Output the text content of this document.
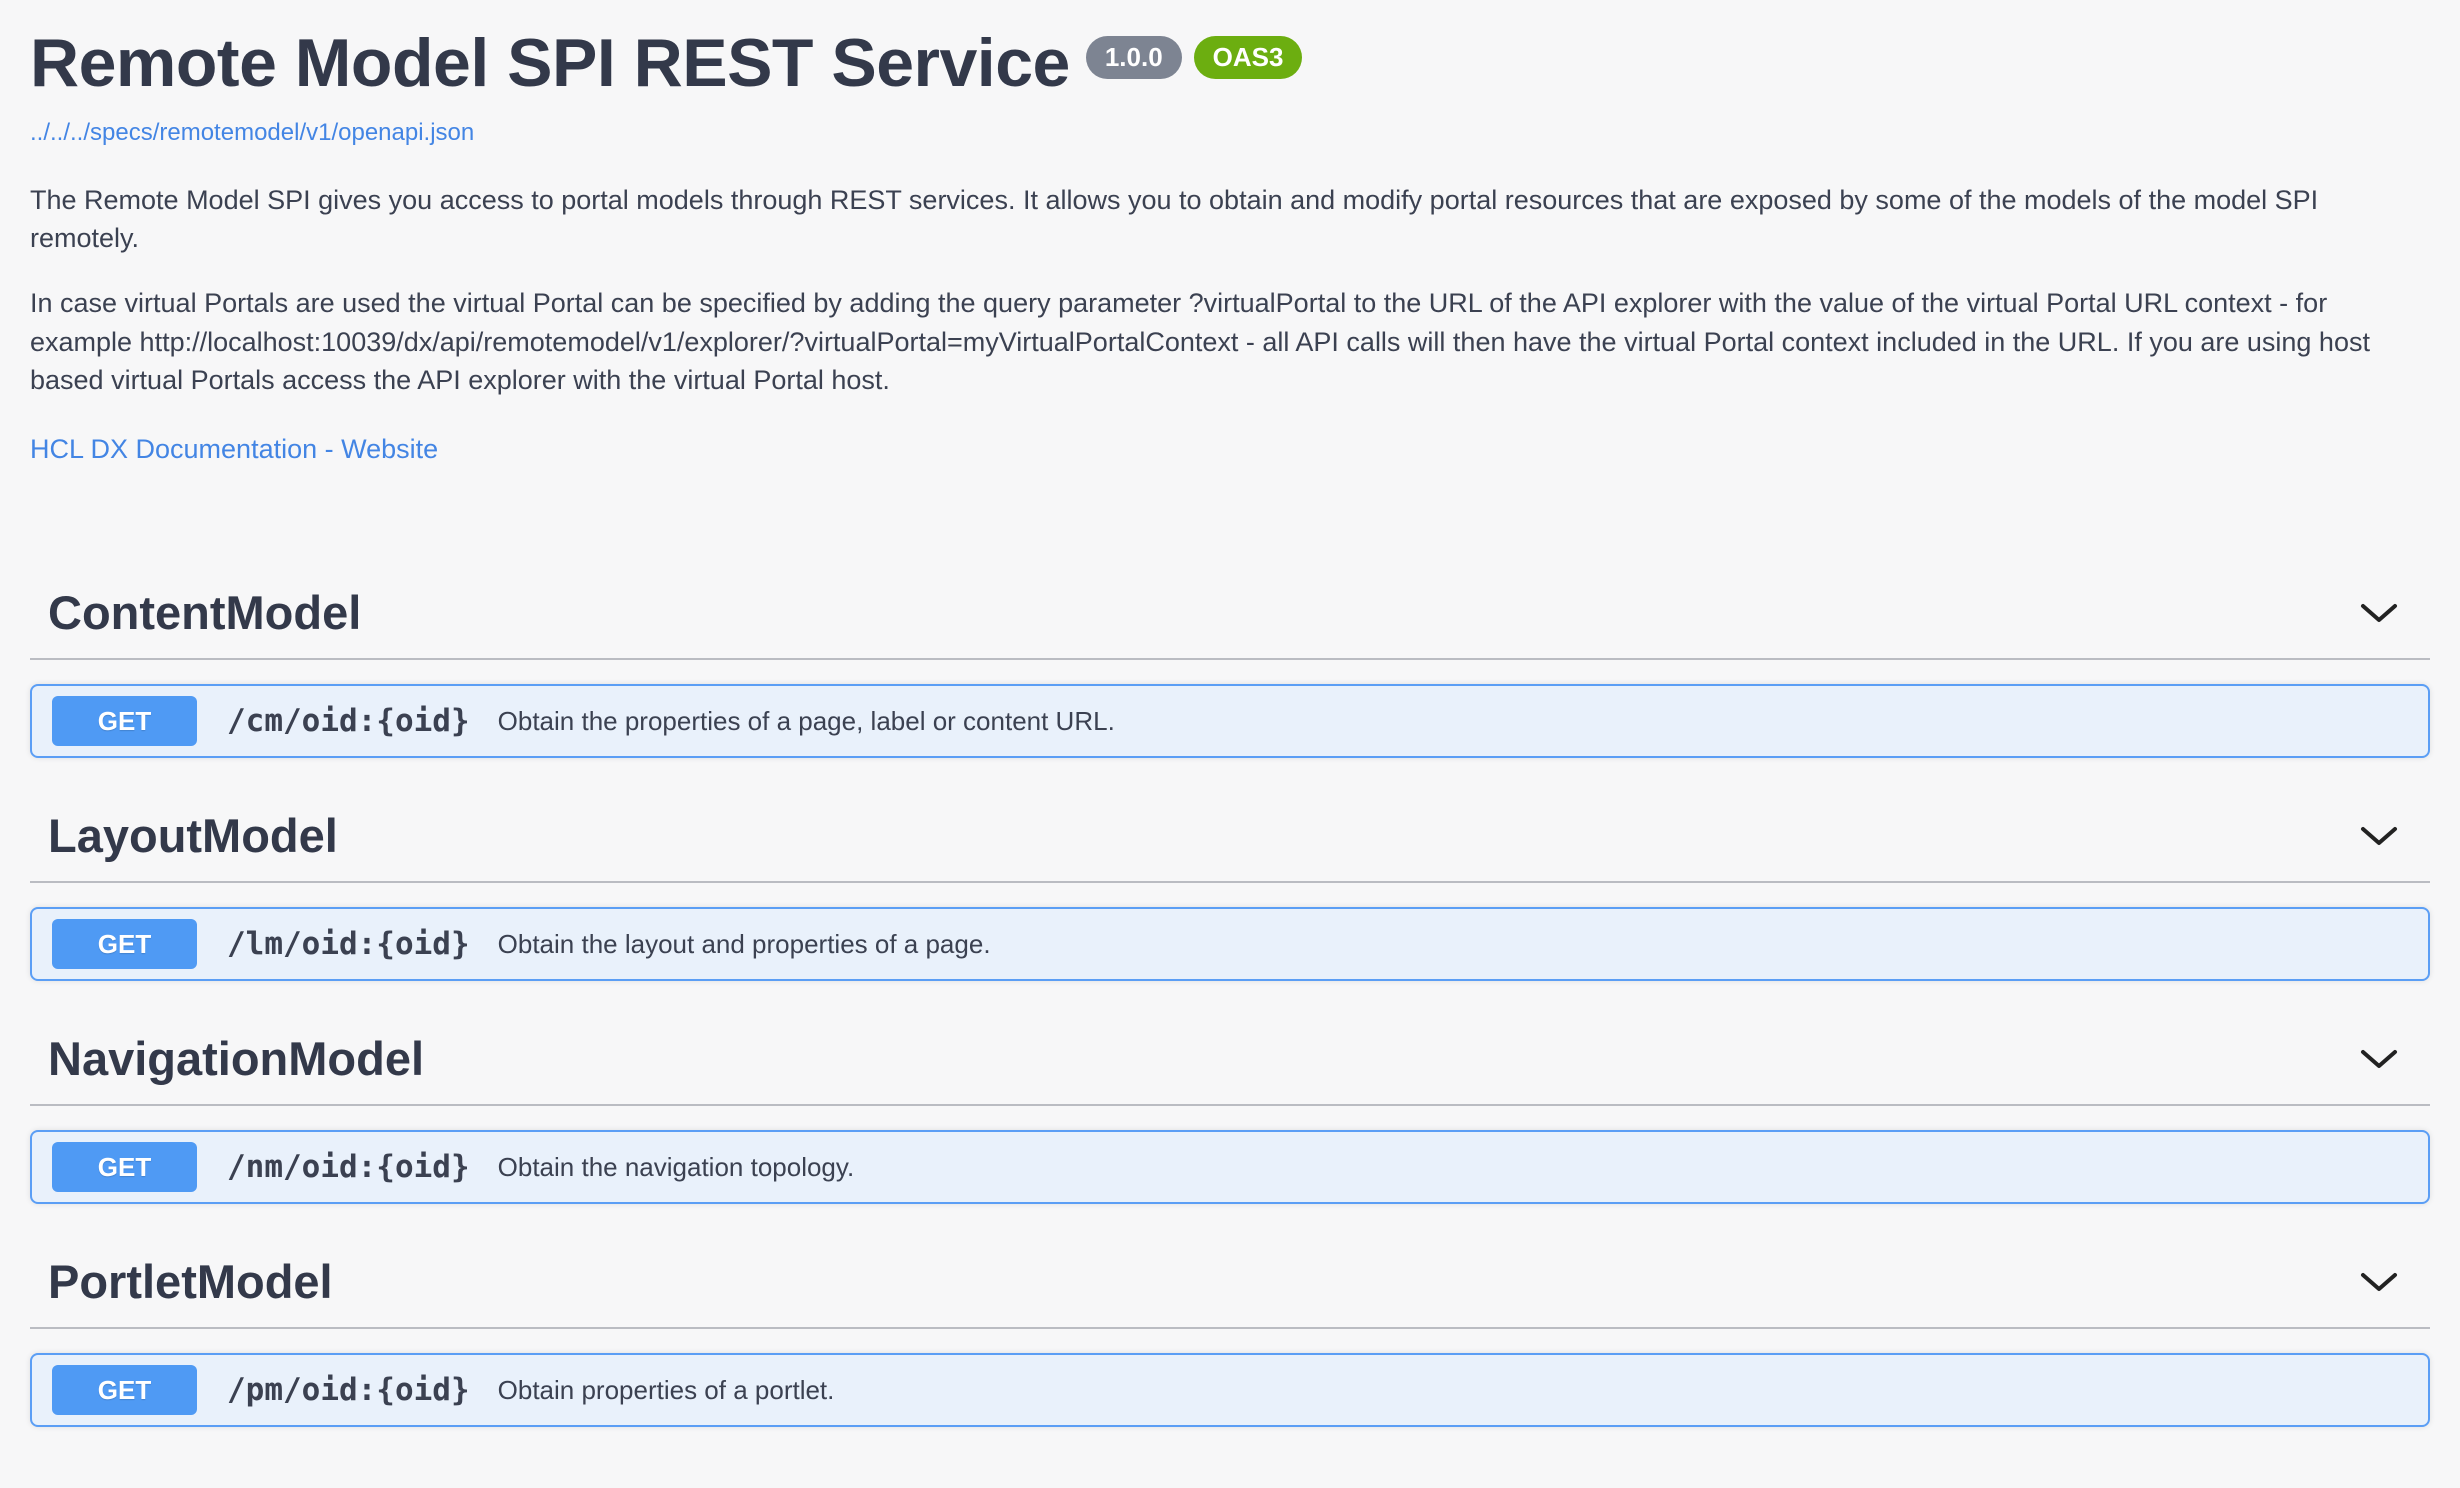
Remote Model SPI REST Service	1.0.0	OAS3
../../../specs/remotemodel/v1/openapi.json

The Remote Model SPI gives you access to portal models through REST services. It allows you to obtain and modify portal resources that are exposed by some of the models of the model SPI remotely.

In case virtual Portals are used the virtual Portal can be specified by adding the query parameter ?virtualPortal to the URL of the API explorer with the value of the virtual Portal URL context - for example http://localhost:10039/dx/api/remotemodel/v1/explorer/?virtualPortal=myVirtualPortalContext - all API calls will then have the virtual Portal context included in the URL. If you are using host based virtual Portals access the API explorer with the virtual Portal host.

HCL DX Documentation - Website
ContentModel
GET	/cm/oid:{oid} Obtain the properties of a page, label or content URL.
LayoutModel
GET	/lm/oid:{oid} Obtain the layout and properties of a page.
NavigationModel
GET	/nm/oid:{oid} Obtain the navigation topology.
PortletModel
GET	/pm/oid:{oid} Obtain properties of a portlet.
